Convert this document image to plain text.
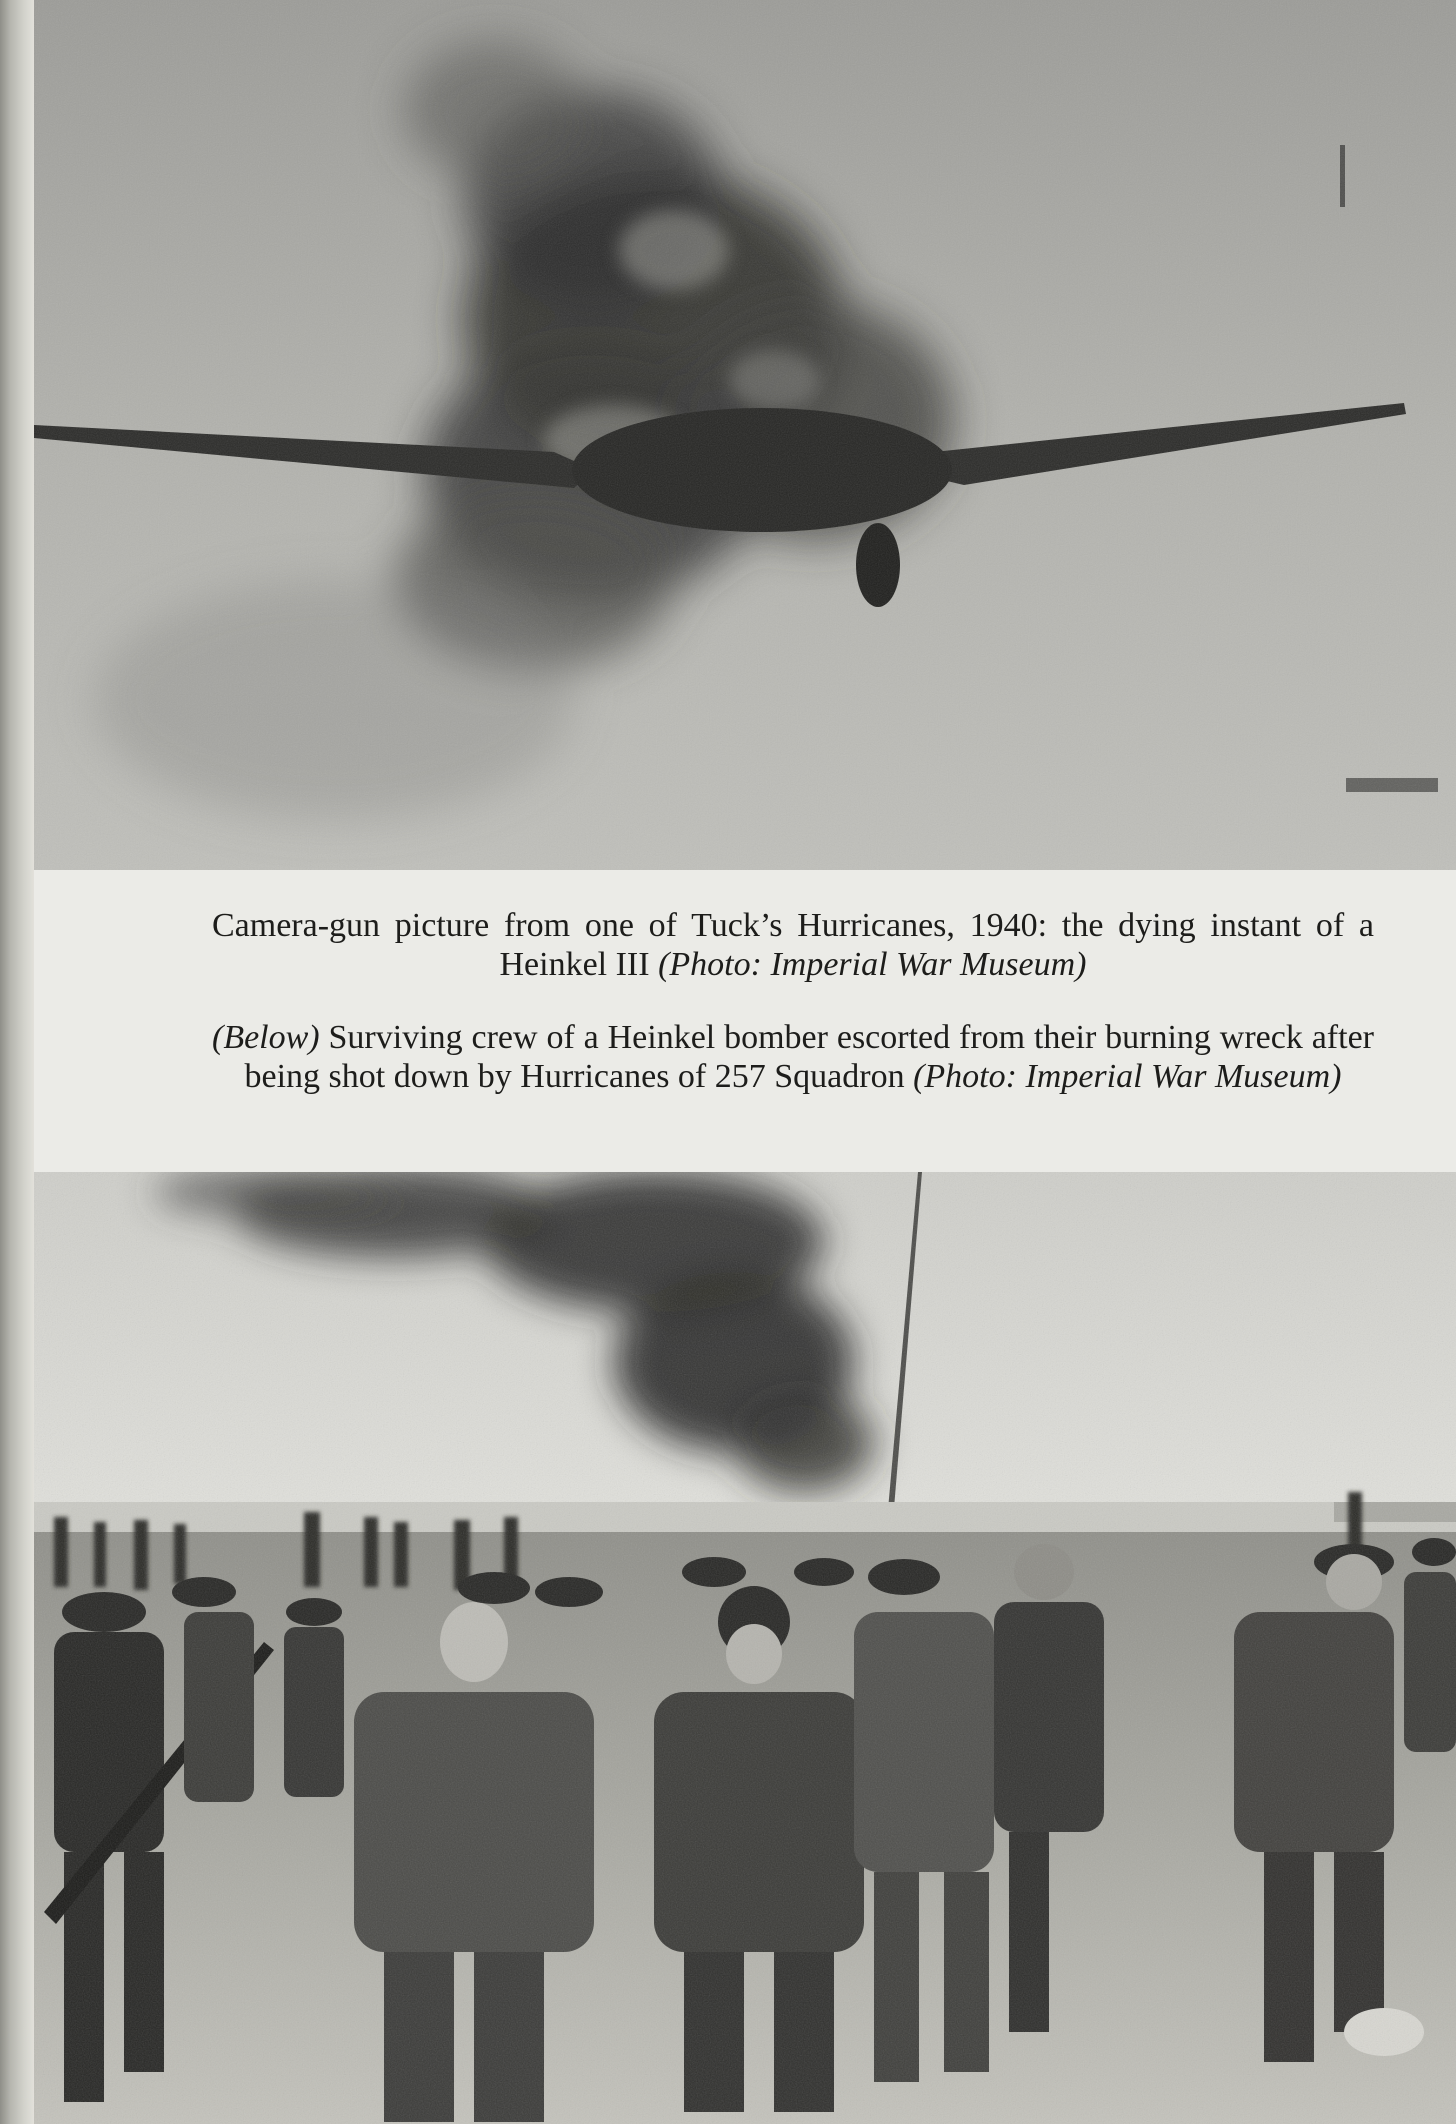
Camera-gun picture from one of Tuck’s Hurricanes, 1940: the dying instant of a Heinkel III (Photo: Imperial War Museum)
(Below) Surviving crew of a Heinkel bomber escorted from their burning wreck after being shot down by Hurricanes of 257 Squadron (Photo: Imperial War Museum)
